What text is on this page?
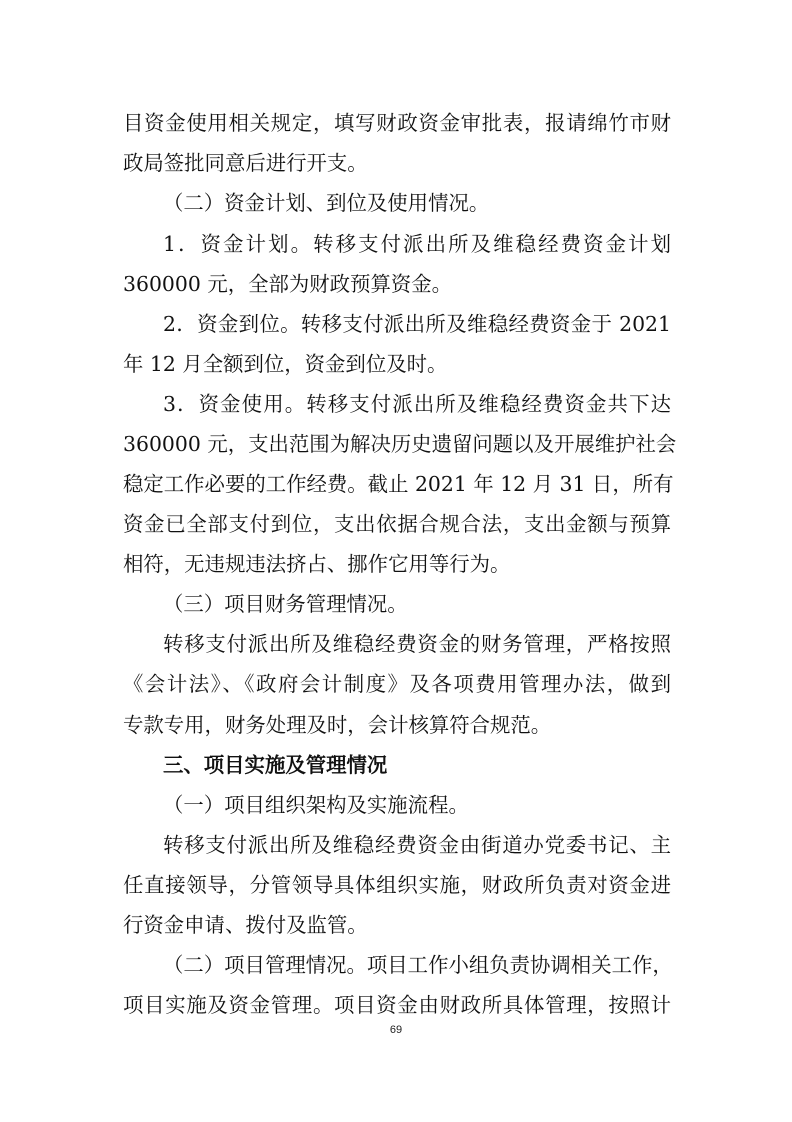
目资金使用相关规定，填写财政资金审批表，报请绵竹市财
政局签批同意后进行开支。
（二）资金计划、到位及使用情况。
1．资金计划。转移支付派出所及维稳经费资金计划
360000 元，全部为财政预算资金。
2．资金到位。转移支付派出所及维稳经费资金于 2021
年 12 月全额到位，资金到位及时。
3．资金使用。转移支付派出所及维稳经费资金共下达
360000 元，支出范围为解决历史遗留问题以及开展维护社会
稳定工作必要的工作经费。截止 2021 年 12 月 31 日，所有
资金已全部支付到位，支出依据合规合法，支出金额与预算
相符，无违规违法挤占、挪作它用等行为。
（三）项目财务管理情况。
转移支付派出所及维稳经费资金的财务管理，严格按照
《会计法》、《政府会计制度》及各项费用管理办法，做到
专款专用，财务处理及时，会计核算符合规范。
三、项目实施及管理情况
（一）项目组织架构及实施流程。
转移支付派出所及维稳经费资金由街道办党委书记、主
任直接领导，分管领导具体组织实施，财政所负责对资金进
行资金申请、拨付及监管。
（二）项目管理情况。项目工作小组负责协调相关工作，
项目实施及资金管理。项目资金由财政所具体管理，按照计
69
